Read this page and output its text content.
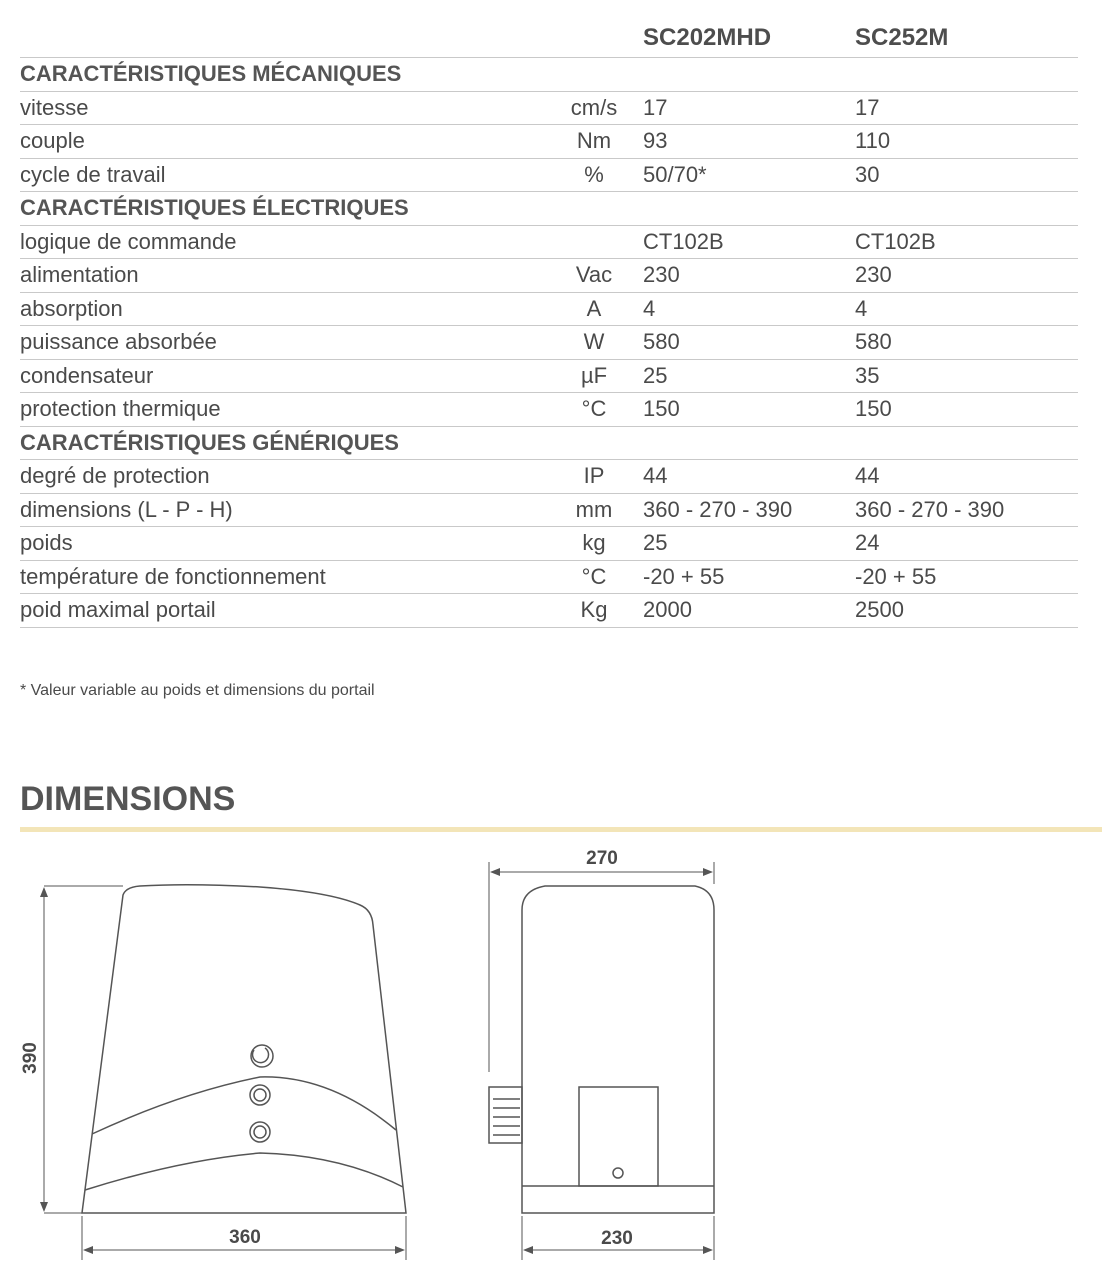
		SC202MHD	SC252M
CARACTÉRISTIQUES MÉCANIQUES			
vitesse	cm/s	17	17
couple	Nm	93	110
cycle de travail	%	50/70*	30
CARACTÉRISTIQUES ÉLECTRIQUES			
logique de commande		CT102B	CT102B
alimentation	Vac	230	230
absorption	A	4	4
puissance absorbée	W	580	580
condensateur	µF	25	35
protection thermique	°C	150	150
CARACTÉRISTIQUES GÉNÉRIQUES			
degré de protection	IP	44	44
dimensions (L - P - H)	mm	360 - 270 - 390	360 - 270 - 390
poids	kg	25	24
température de fonctionnement	°C	-20 + 55	-20 + 55
poid maximal portail	Kg	2000	2500
* Valeur variable au poids et dimensions du portail
DIMENSIONS
390
360
270
230
